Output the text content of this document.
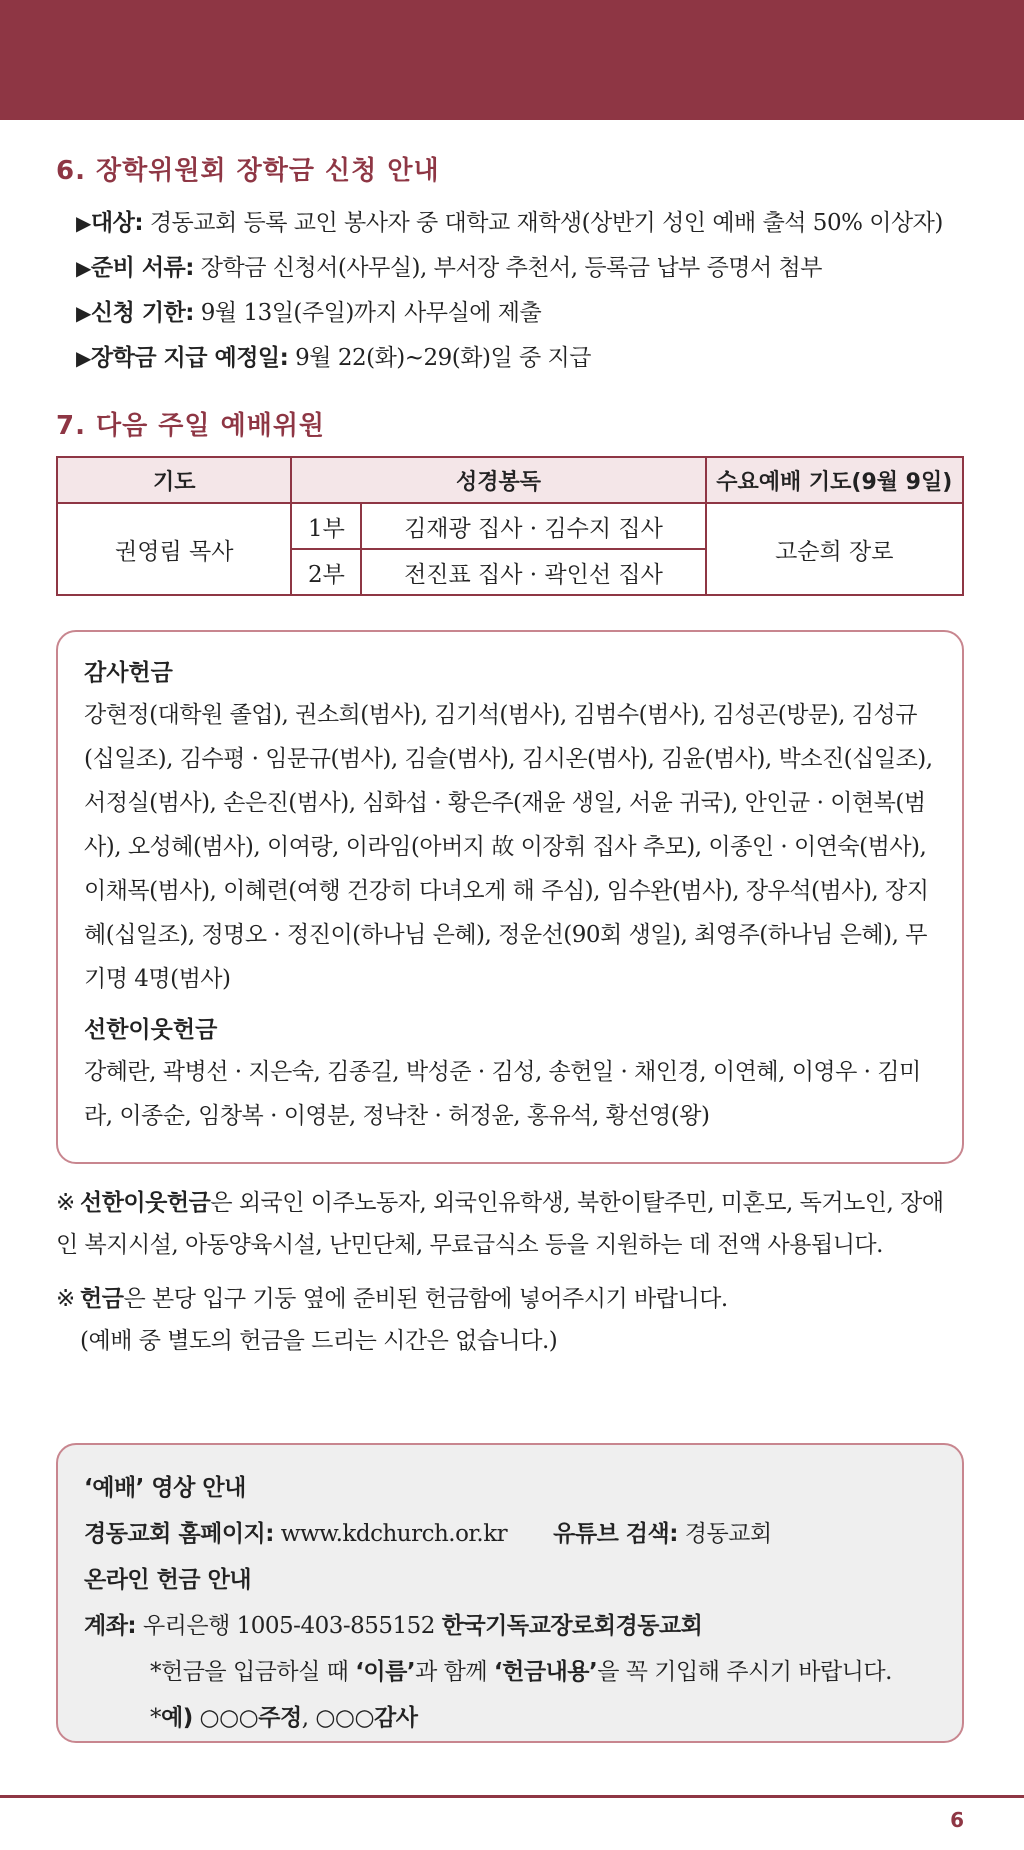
6. 장학위원회 장학금 신청 안내
▶대상: 경동교회 등록 교인 봉사자 중 대학교 재학생(상반기 성인 예배 출석 50% 이상자)
▶준비 서류: 장학금 신청서(사무실), 부서장 추천서, 등록금 납부 증명서 첨부
▶신청 기한: 9월 13일(주일)까지 사무실에 제출
▶장학금 지급 예정일: 9월 22(화)~29(화)일 중 지급
7. 다음 주일 예배위원
기도	성경봉독		수요예배 기도(9월 9일)
권영림 목사	1부	김재광 집사 · 김수지 집사	고순희 장로
	2부	전진표 집사 · 곽인선 집사	
감사헌금

강현정(대학원 졸업), 권소희(범사), 김기석(범사), 김범수(범사), 김성곤(방문), 김성규(십일조), 김수평 · 임문규(범사), 김슬(범사), 김시온(범사), 김윤(범사), 박소진(십일조), 서정실(범사), 손은진(범사), 심화섭 · 황은주(재윤 생일, 서윤 귀국), 안인균 · 이현복(범사), 오성혜(범사), 이여랑, 이라임(아버지 故 이장휘 집사 추모), 이종인 · 이연숙(범사), 이채목(범사), 이혜련(여행 건강히 다녀오게 해 주심), 임수완(범사), 장우석(범사), 장지혜(십일조), 정명오 · 정진이(하나님 은혜), 정운선(90회 생일), 최영주(하나님 은혜), 무기명 4명(범사)

선한이웃헌금

강혜란, 곽병선 · 지은숙, 김종길, 박성준 · 김성, 송헌일 · 채인경, 이연혜, 이영우 · 김미라, 이종순, 임창복 · 이영분, 정낙찬 · 허정윤, 홍유석, 황선영(왕)

※ 선한이웃헌금은 외국인 이주노동자, 외국인유학생, 북한이탈주민, 미혼모, 독거노인, 장애인 복지시설, 아동양육시설, 난민단체, 무료급식소 등을 지원하는 데 전액 사용됩니다.

※ 헌금은 본당 입구 기둥 옆에 준비된 헌금함에 넣어주시기 바랍니다.
(예배 중 별도의 헌금을 드리는 시간은 없습니다.)

‘예배’ 영상 안내
경동교회 홈페이지: www.kdchurch.or.kr 유튜브 검색: 경동교회
온라인 헌금 안내
계좌: 우리은행 1005-403-855152 한국기독교장로회경동교회
*헌금을 입금하실 때 ‘이름’과 함께 ‘헌금내용’을 꼭 기입해 주시기 바랍니다.
*예) ○○○주정, ○○○감사
6
